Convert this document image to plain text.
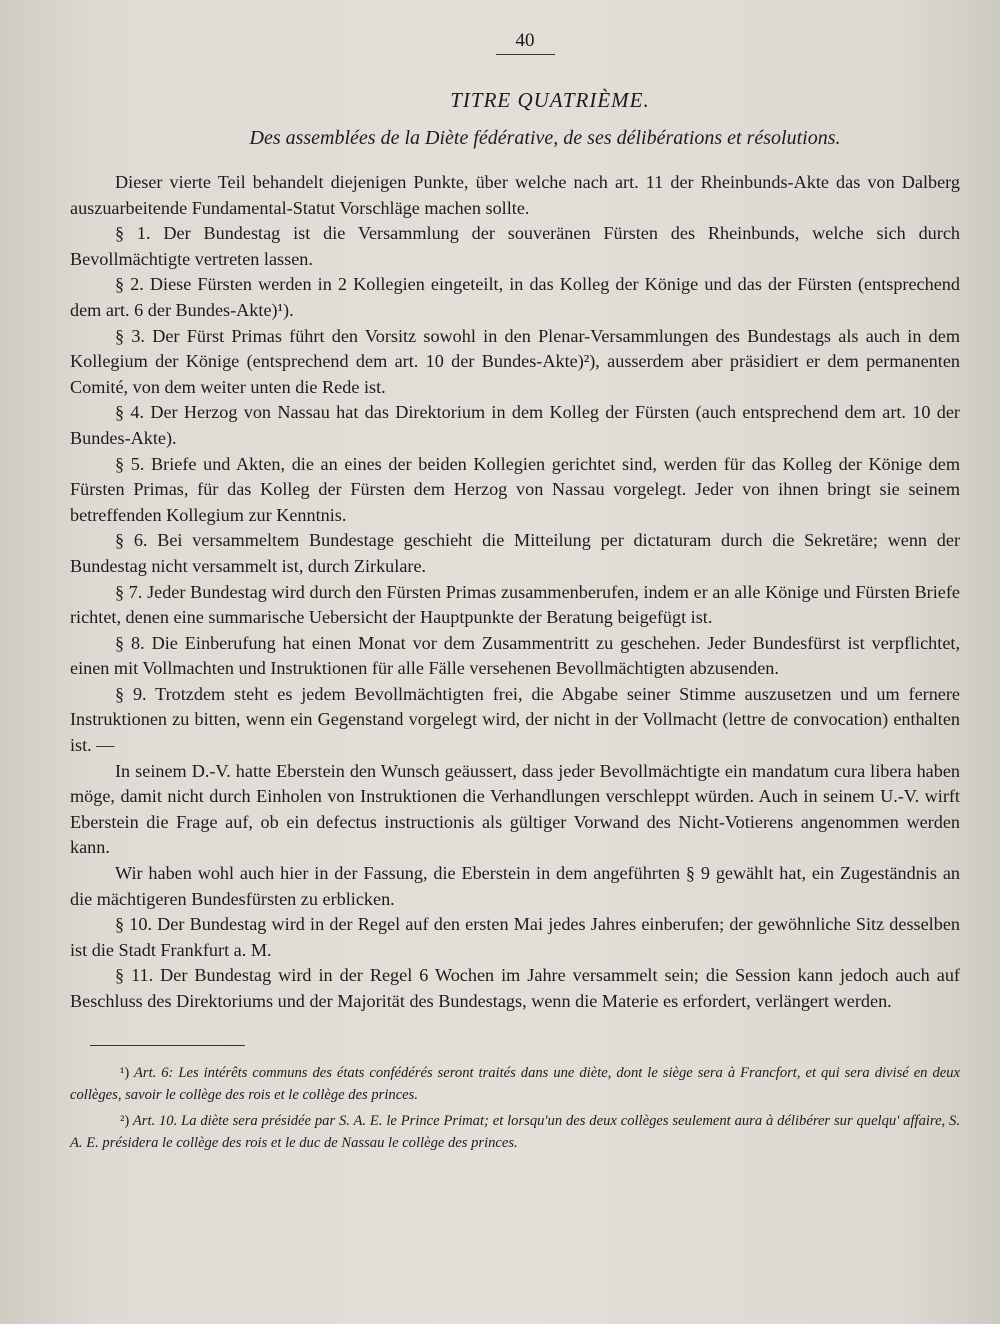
40
TITRE QUATRIÈME.
Des assemblées de la Diète fédérative, de ses délibérations et résolutions.

Dieser vierte Teil behandelt diejenigen Punkte, über welche nach art. 11 der Rheinbunds-Akte das von Dalberg auszuarbeitende Fundamental-Statut Vorschläge machen sollte.

§ 1. Der Bundestag ist die Versammlung der souveränen Fürsten des Rheinbunds, welche sich durch Bevollmächtigte vertreten lassen.

§ 2. Diese Fürsten werden in 2 Kollegien eingeteilt, in das Kolleg der Könige und das der Fürsten (entsprechend dem art. 6 der Bundes-Akte)¹).

§ 3. Der Fürst Primas führt den Vorsitz sowohl in den Plenar-Versammlungen des Bundestags als auch in dem Kollegium der Könige (entsprechend dem art. 10 der Bundes-Akte)²), ausserdem aber präsidiert er dem permanenten Comité, von dem weiter unten die Rede ist.

§ 4. Der Herzog von Nassau hat das Direktorium in dem Kolleg der Fürsten (auch entsprechend dem art. 10 der Bundes-Akte).

§ 5. Briefe und Akten, die an eines der beiden Kollegien gerichtet sind, werden für das Kolleg der Könige dem Fürsten Primas, für das Kolleg der Fürsten dem Herzog von Nassau vorgelegt. Jeder von ihnen bringt sie seinem betreffenden Kollegium zur Kenntnis.

§ 6. Bei versammeltem Bundestage geschieht die Mitteilung per dictaturam durch die Sekretäre; wenn der Bundestag nicht versammelt ist, durch Zirkulare.

§ 7. Jeder Bundestag wird durch den Fürsten Primas zusammenberufen, indem er an alle Könige und Fürsten Briefe richtet, denen eine summarische Uebersicht der Hauptpunkte der Beratung beigefügt ist.

§ 8. Die Einberufung hat einen Monat vor dem Zusammentritt zu geschehen. Jeder Bundesfürst ist verpflichtet, einen mit Vollmachten und Instruktionen für alle Fälle versehenen Bevollmächtigten abzusenden.

§ 9. Trotzdem steht es jedem Bevollmächtigten frei, die Abgabe seiner Stimme auszusetzen und um fernere Instruktionen zu bitten, wenn ein Gegenstand vorgelegt wird, der nicht in der Vollmacht (lettre de convocation) enthalten ist. —

In seinem D.-V. hatte Eberstein den Wunsch geäussert, dass jeder Bevollmächtigte ein mandatum cura libera haben möge, damit nicht durch Einholen von Instruktionen die Verhandlungen verschleppt würden. Auch in seinem U.-V. wirft Eberstein die Frage auf, ob ein defectus instructionis als gültiger Vorwand des Nicht-Votierens angenommen werden kann.

Wir haben wohl auch hier in der Fassung, die Eberstein in dem angeführten § 9 gewählt hat, ein Zugeständnis an die mächtigeren Bundesfürsten zu erblicken.

§ 10. Der Bundestag wird in der Regel auf den ersten Mai jedes Jahres einberufen; der gewöhnliche Sitz desselben ist die Stadt Frankfurt a. M.

§ 11. Der Bundestag wird in der Regel 6 Wochen im Jahre versammelt sein; die Session kann jedoch auch auf Beschluss des Direktoriums und der Majorität des Bundestags, wenn die Materie es erfordert, verlängert werden.

¹) Art. 6: Les intérêts communs des états confédérés seront traités dans une diète, dont le siège sera à Francfort, et qui sera divisé en deux collèges, savoir le collège des rois et le collège des princes.

²) Art. 10. La diète sera présidée par S. A. E. le Prince Primat; et lorsqu'un des deux collèges seulement aura à délibérer sur quelqu' affaire, S. A. E. présidera le collège des rois et le duc de Nassau le collège des princes.
